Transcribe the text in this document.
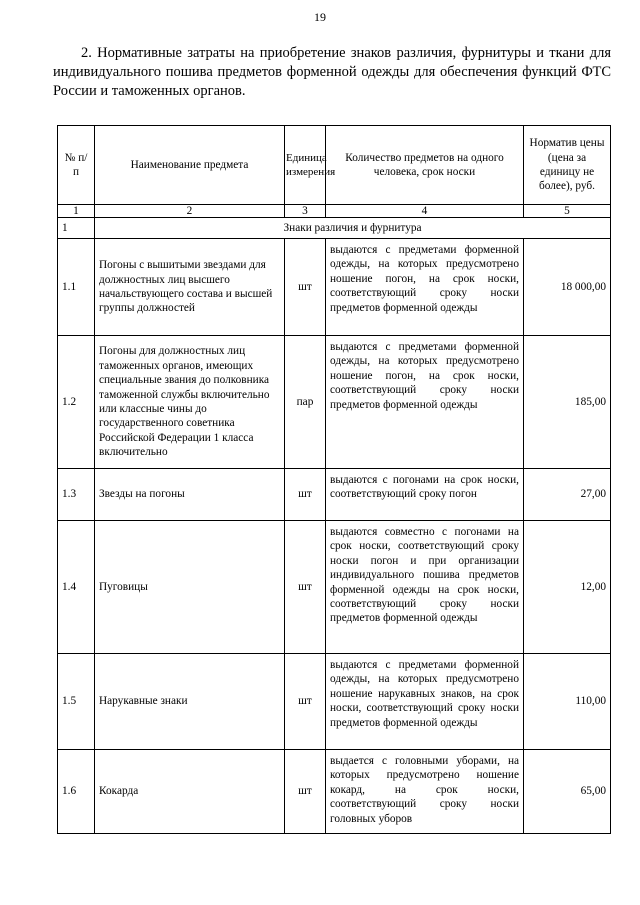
19
2. Нормативные затраты на приобретение знаков различия, фурнитуры и ткани для индивидуального пошива предметов форменной одежды для обеспечения функций ФТС России и таможенных органов.
№ п/п	Наименование предмета	Единица измерения	Количество предметов на одного человека, срок носки	Норматив цены (цена за единицу не более), руб.
1	2	3	4	5
1	Знаки различия и фурнитура			
1.1	Погоны с вышитыми звездами для должностных лиц высшего начальствующего состава и высшей группы должностей	шт	выдаются с предметами форменной одежды, на которых предусмотрено ношение погон, на срок носки, соответствующий сроку носки предметов форменной одежды	18 000,00
1.2	Погоны для должностных лиц таможенных органов, имеющих специальные звания до полковника таможенной службы включительно или классные чины до государственного советника Российской Федерации 1 класса включительно	пар	выдаются с предметами форменной одежды, на которых предусмотрено ношение погон, на срок носки, соответствующий сроку носки предметов форменной одежды	185,00
1.3	Звезды на погоны	шт	выдаются с погонами на срок носки, соответствующий сроку погон	27,00
1.4	Пуговицы	шт	выдаются совместно с погонами на срок носки, соответствующий сроку носки погон и при организации индивидуального пошива предметов форменной одежды на срок носки, соответствующий сроку носки предметов форменной одежды	12,00
1.5	Нарукавные знаки	шт	выдаются с предметами форменной одежды, на которых предусмотрено ношение нарукавных знаков, на срок носки, соответствующий сроку носки предметов форменной одежды	110,00
1.6	Кокарда	шт	выдается с головными уборами, на которых предусмотрено ношение кокард, на срок носки, соответствующий сроку носки головных уборов	65,00
